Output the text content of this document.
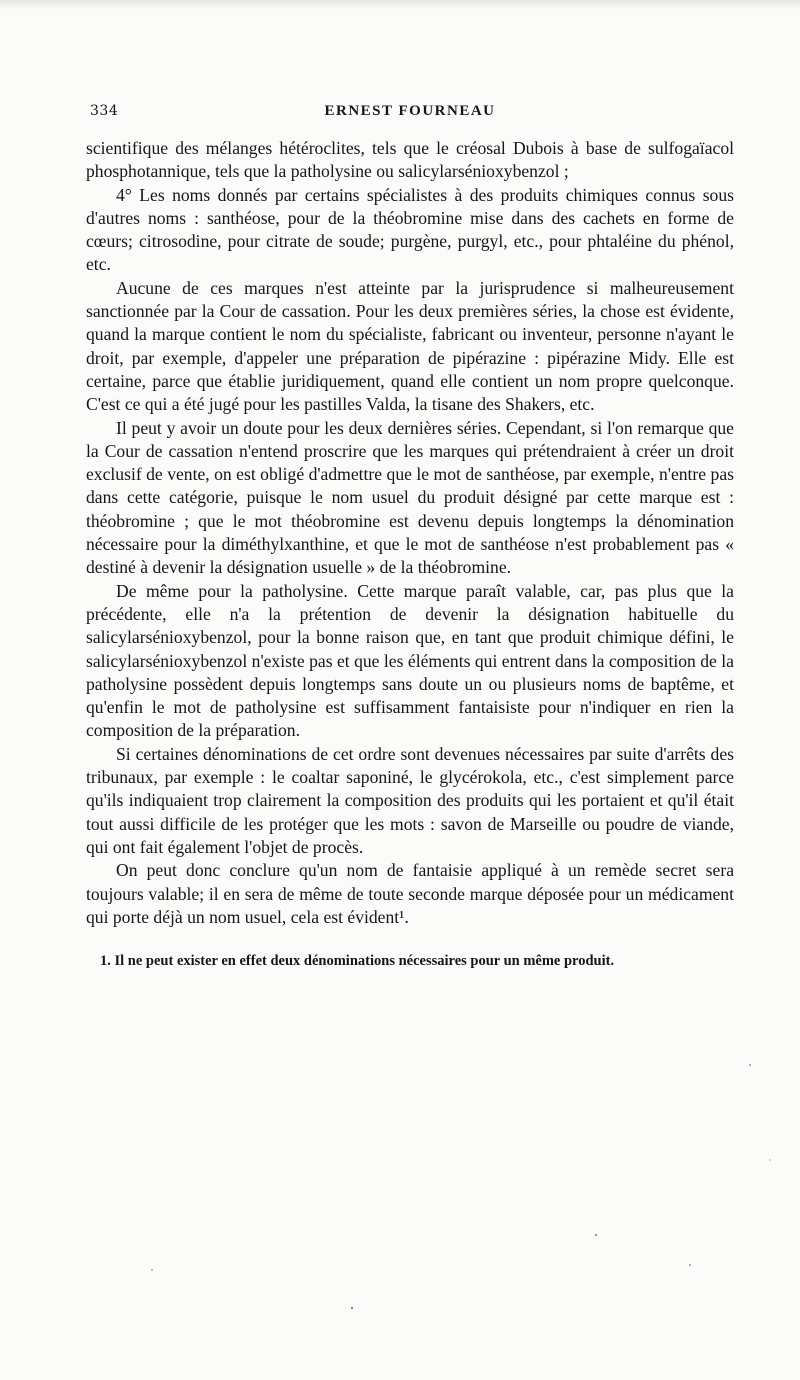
334	ERNEST FOURNEAU

scientifique des mélanges hétéroclites, tels que le créosal Dubois à base de sulfogaïacol phosphotannique, tels que la patholysine ou salicylarsénioxybenzol ;

4° Les noms donnés par certains spécialistes à des produits chimiques connus sous d'autres noms : santhéose, pour de la théobromine mise dans des cachets en forme de cœurs; citrosodine, pour citrate de soude; purgène, purgyl, etc., pour phtaléine du phénol, etc.

Aucune de ces marques n'est atteinte par la jurisprudence si malheureusement sanctionnée par la Cour de cassation. Pour les deux premières séries, la chose est évidente, quand la marque contient le nom du spécialiste, fabricant ou inventeur, personne n'ayant le droit, par exemple, d'appeler une préparation de pipérazine : pipérazine Midy. Elle est certaine, parce que établie juridiquement, quand elle contient un nom propre quelconque. C'est ce qui a été jugé pour les pastilles Valda, la tisane des Shakers, etc.

Il peut y avoir un doute pour les deux dernières séries. Cependant, si l'on remarque que la Cour de cassation n'entend proscrire que les marques qui prétendraient à créer un droit exclusif de vente, on est obligé d'admettre que le mot de santhéose, par exemple, n'entre pas dans cette catégorie, puisque le nom usuel du produit désigné par cette marque est : théobromine ; que le mot théobromine est devenu depuis longtemps la dénomination nécessaire pour la diméthylxanthine, et que le mot de santhéose n'est probablement pas « destiné à devenir la désignation usuelle » de la théobromine.

De même pour la patholysine. Cette marque paraît valable, car, pas plus que la précédente, elle n'a la prétention de devenir la désignation habituelle du salicylarsénioxybenzol, pour la bonne raison que, en tant que produit chimique défini, le salicylarsénioxybenzol n'existe pas et que les éléments qui entrent dans la composition de la patholysine possèdent depuis longtemps sans doute un ou plusieurs noms de baptême, et qu'enfin le mot de patholysine est suffisamment fantaisiste pour n'indiquer en rien la composition de la préparation.

Si certaines dénominations de cet ordre sont devenues nécessaires par suite d'arrêts des tribunaux, par exemple : le coaltar saponiné, le glycérokola, etc., c'est simplement parce qu'ils indiquaient trop clairement la composition des produits qui les portaient et qu'il était tout aussi difficile de les protéger que les mots : savon de Marseille ou poudre de viande, qui ont fait également l'objet de procès.

On peut donc conclure qu'un nom de fantaisie appliqué à un remède secret sera toujours valable; il en sera de même de toute seconde marque déposée pour un médicament qui porte déjà un nom usuel, cela est évident¹.

1. Il ne peut exister en effet deux dénominations nécessaires pour un même produit.
